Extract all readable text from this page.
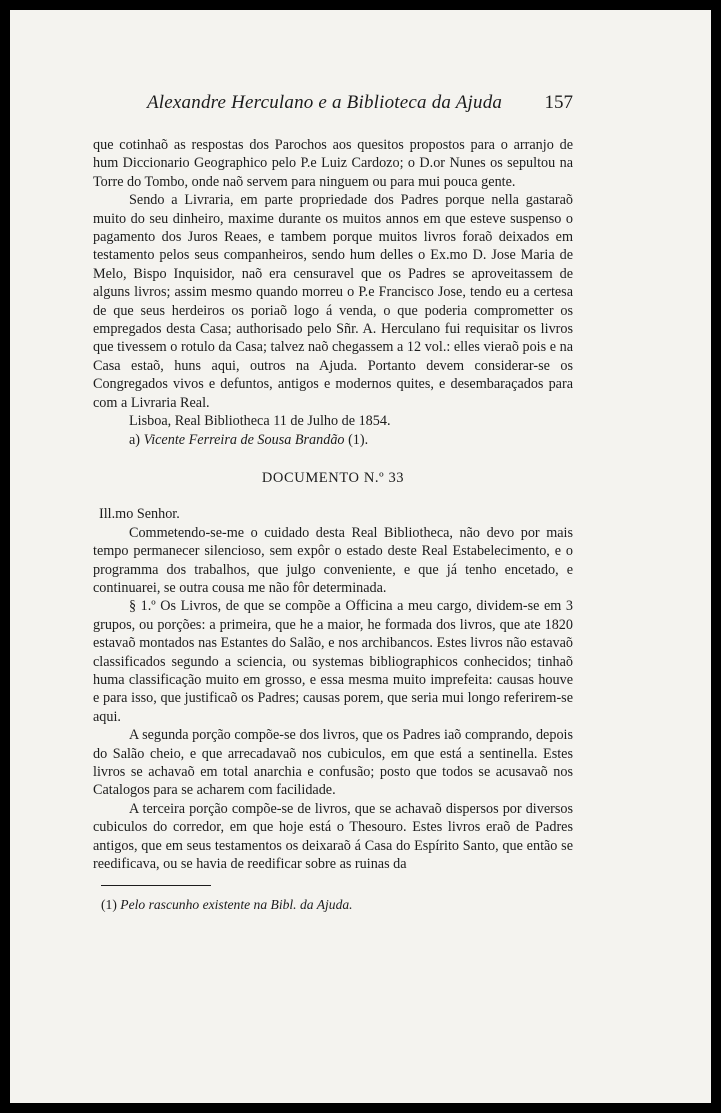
Alexandre Herculano e a Biblioteca da Ajuda 157

que cotinhaõ as respostas dos Parochos aos quesitos propostos para o arranjo de hum Diccionario Geographico pelo P.e Luiz Cardozo; o D.or Nunes os sepultou na Torre do Tombo, onde naõ servem para ninguem ou para mui pouca gente.

Sendo a Livraria, em parte propriedade dos Padres porque nella gastaraõ muito do seu dinheiro, maxime durante os muitos annos em que esteve suspenso o pagamento dos Juros Reaes, e tambem porque muitos livros foraõ deixados em testamento pelos seus companheiros, sendo hum delles o Ex.mo D. Jose Maria de Melo, Bispo Inquisidor, naõ era censuravel que os Padres se aproveitassem de alguns livros; assim mesmo quando morreu o P.e Francisco Jose, tendo eu a certesa de que seus herdeiros os poriaõ logo á venda, o que poderia comprometter os empregados desta Casa; authorisado pelo Sñr. A. Herculano fui requisitar os livros que tivessem o rotulo da Casa; talvez naõ chegassem a 12 vol.: elles vieraõ pois e na Casa estaõ, huns aqui, outros na Ajuda. Portanto devem considerar-se os Congregados vivos e defuntos, antigos e modernos quites, e desembaraçados para com a Livraria Real.

Lisboa, Real Bibliotheca 11 de Julho de 1854.

a) Vicente Ferreira de Sousa Brandão (1).

DOCUMENTO N.º 33

Ill.mo Senhor.

Commetendo-se-me o cuidado desta Real Bibliotheca, não devo por mais tempo permanecer silencioso, sem expôr o estado deste Real Estabelecimento, e o programma dos trabalhos, que julgo conveniente, e que já tenho encetado, e continuarei, se outra cousa me não fôr determinada.

§ 1.º Os Livros, de que se compõe a Officina a meu cargo, dividem-se em 3 grupos, ou porções: a primeira, que he a maior, he formada dos livros, que ate 1820 estavaõ montados nas Estantes do Salão, e nos archibancos. Estes livros não estavaõ classificados segundo a sciencia, ou systemas bibliographicos conhecidos; tinhaõ huma classificação muito em grosso, e essa mesma muito imprefeita: causas houve e para isso, que justificaõ os Padres; causas porem, que seria mui longo referirem-se aqui.

A segunda porção compõe-se dos livros, que os Padres iaõ comprando, depois do Salão cheio, e que arrecadavaõ nos cubiculos, em que está a sentinella. Estes livros se achavaõ em total anarchia e confusão; posto que todos se acusavaõ nos Catalogos para se acharem com facilidade.

A terceira porção compõe-se de livros, que se achavaõ dispersos por diversos cubiculos do corredor, em que hoje está o Thesouro. Estes livros eraõ de Padres antigos, que em seus testamentos os deixaraõ á Casa do Espírito Santo, que então se reedificava, ou se havia de reedificar sobre as ruinas da

(1) Pelo rascunho existente na Bibl. da Ajuda.
